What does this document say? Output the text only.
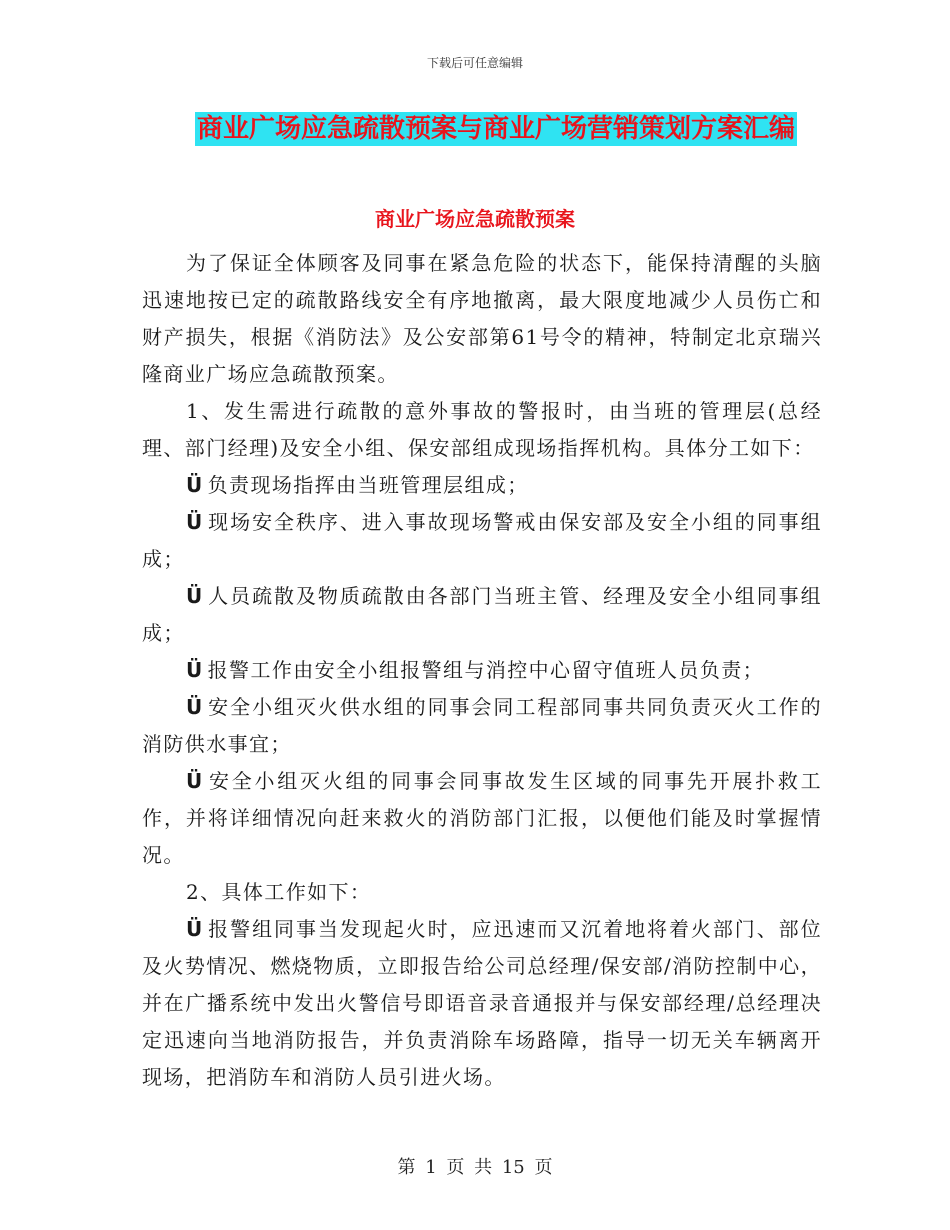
下载后可任意编辑
商业广场应急疏散预案与商业广场营销策划方案汇编
商业广场应急疏散预案

为了保证全体顾客及同事在紧急危险的状态下，能保持清醒的头脑迅速地按已定的疏散路线安全有序地撤离，最大限度地减少人员伤亡和财产损失，根据《消防法》及公安部第61号令的精神，特制定北京瑞兴隆商业广场应急疏散预案。

1、发生需进行疏散的意外事故的警报时，由当班的管理层(总经理、部门经理)及安全小组、保安部组成现场指挥机构。具体分工如下：

Ü 负责现场指挥由当班管理层组成；

Ü 现场安全秩序、进入事故现场警戒由保安部及安全小组的同事组成；

Ü 人员疏散及物质疏散由各部门当班主管、经理及安全小组同事组成；

Ü 报警工作由安全小组报警组与消控中心留守值班人员负责；

Ü 安全小组灭火供水组的同事会同工程部同事共同负责灭火工作的消防供水事宜；

Ü 安全小组灭火组的同事会同事故发生区域的同事先开展扑救工作，并将详细情况向赶来救火的消防部门汇报，以便他们能及时掌握情况。

2、具体工作如下：

Ü 报警组同事当发现起火时，应迅速而又沉着地将着火部门、部位及火势情况、燃烧物质，立即报告给公司总经理/保安部/消防控制中心，并在广播系统中发出火警信号即语音录音通报并与保安部经理/总经理决定迅速向当地消防报告，并负责消除车场路障，指导一切无关车辆离开现场，把消防车和消防人员引进火场。

第 1 页 共 15 页
